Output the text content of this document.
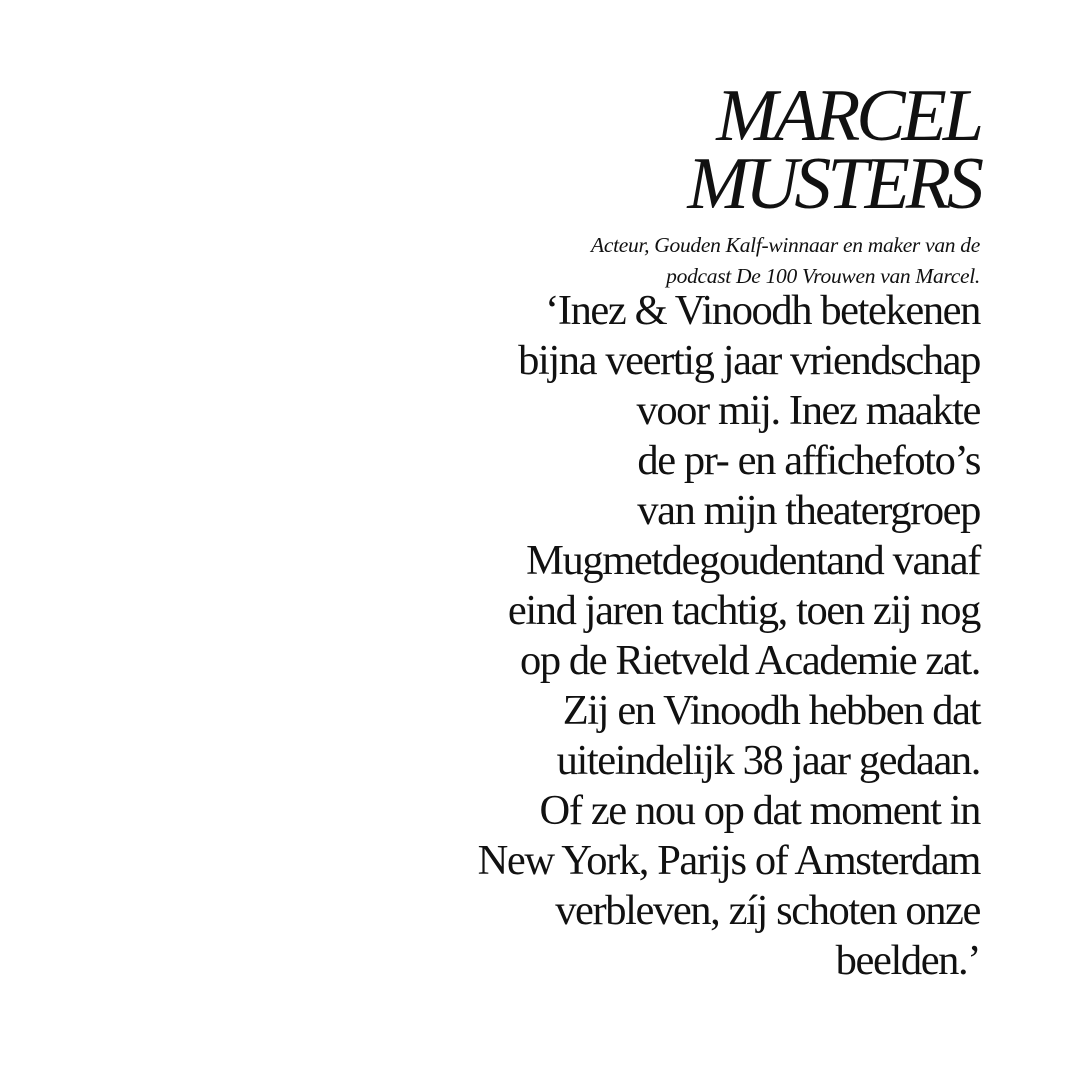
MARCEL
MUSTERS

Acteur, Gouden Kalf-winnaar en maker van de
podcast De 100 Vrouwen van Marcel.

‘Inez & Vinoodh betekenen
bijna veertig jaar vriendschap
voor mij. Inez maakte
de pr- en affichefoto’s
van mijn theatergroep
Mugmetdegoudentand vanaf
eind jaren tachtig, toen zij nog
op de Rietveld Academie zat.
Zij en Vinoodh hebben dat
uiteindelijk 38 jaar gedaan.
Of ze nou op dat moment in
New York, Parijs of Amsterdam
verbleven, zíj schoten onze
beelden.’
